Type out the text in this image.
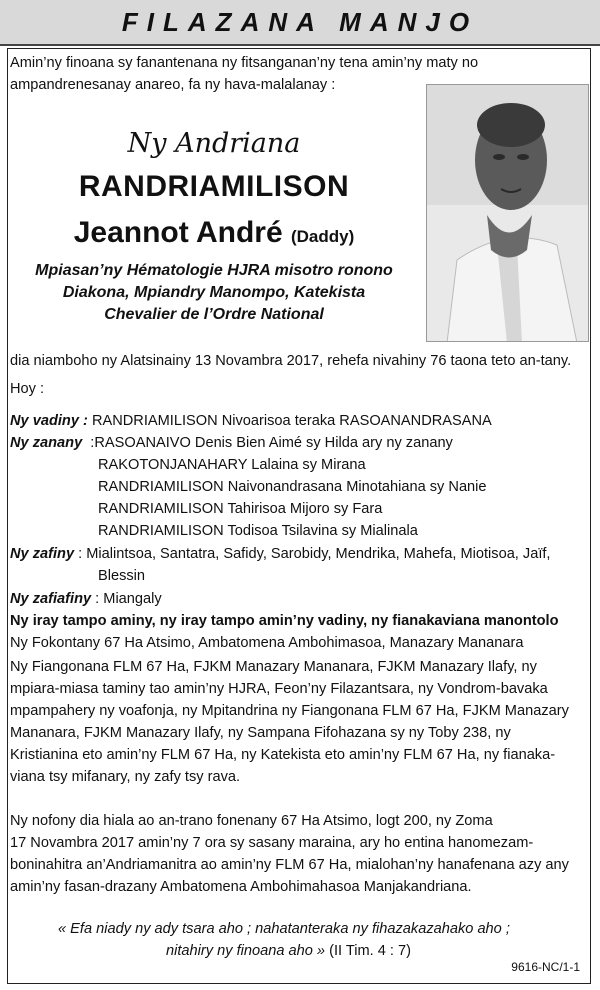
FILAZANA MANJO
Amin’ny finoana sy fanantenana ny fitsanganan’ny tena amin’ny maty no ampandrenesanay anareo, fa ny hava-malalanay :
Ny Andriana
RANDRIAMILISON
Jeannot André (Daddy)
Mpiasan’ny Hématologie HJRA misotro ronono
Diakona, Mpiandry Manompo, Katekista
Chevalier de l’Ordre National
dia niamboho ny Alatsinainy 13 Novambra 2017, rehefa nivahiny 76 taona teto an-tany.
Hoy :
Ny vadiny : RANDRIAMILISON Nivoarisoa teraka RASOANANDRASANA
Ny zanany :RASOANAIVO Denis Bien Aimé sy Hilda ary ny zanany
RAKOTONJANAHARY Lalaina sy Mirana
RANDRIAMILISON Naivonandrasana Minotahiana sy Nanie
RANDRIAMILISON Tahirisoa Mijoro sy Fara
RANDRIAMILISON Todisoa Tsilavina sy Mialinala
Ny zafiny : Mialintsoa, Santatra, Safidy, Sarobidy, Mendrika, Mahefa, Miotisoa, Jaïf,
Blessin
Ny zafiafiny : Miangaly
Ny iray tampo aminy, ny iray tampo amin’ny vadiny, ny fianakaviana manontolo
Ny Fokontany 67 Ha Atsimo, Ambatomena Ambohimasoa, Manazary Mananara
Ny Fiangonana FLM 67 Ha, FJKM Manazary Mananara, FJKM Manazary Ilafy, ny
mpiara-miasa taminy tao amin’ny HJRA, Feon’ny Filazantsara, ny Vondrom-bavaka
mpampahery ny voafonja, ny Mpitandrina ny Fiangonana FLM 67 Ha, FJKM Manazary
Mananara, FJKM Manazary Ilafy, ny Sampana Fifohazana sy ny Toby 238, ny
Kristianina eto amin’ny FLM 67 Ha, ny Katekista eto amin’ny FLM 67 Ha, ny fianaka-
viana tsy mifanary, ny zafy tsy rava.
Ny nofony dia hiala ao an-trano fonenany 67 Ha Atsimo, logt 200, ny Zoma
17 Novambra 2017 amin’ny 7 ora sy sasany maraina, ary ho entina hanomezam-
boninahitra an’Andriamanitra ao amin’ny FLM 67 Ha, mialohan’ny hanafenana azy any
amin’ny fasan-drazany Ambatomena Ambohimahasoa Manjakandriana.
« Efa niady ny ady tsara aho ; nahatanteraka ny fihazakazahako aho ;
nitahiry ny finoana aho » (II Tim. 4 : 7)
9616-NC/1-1
